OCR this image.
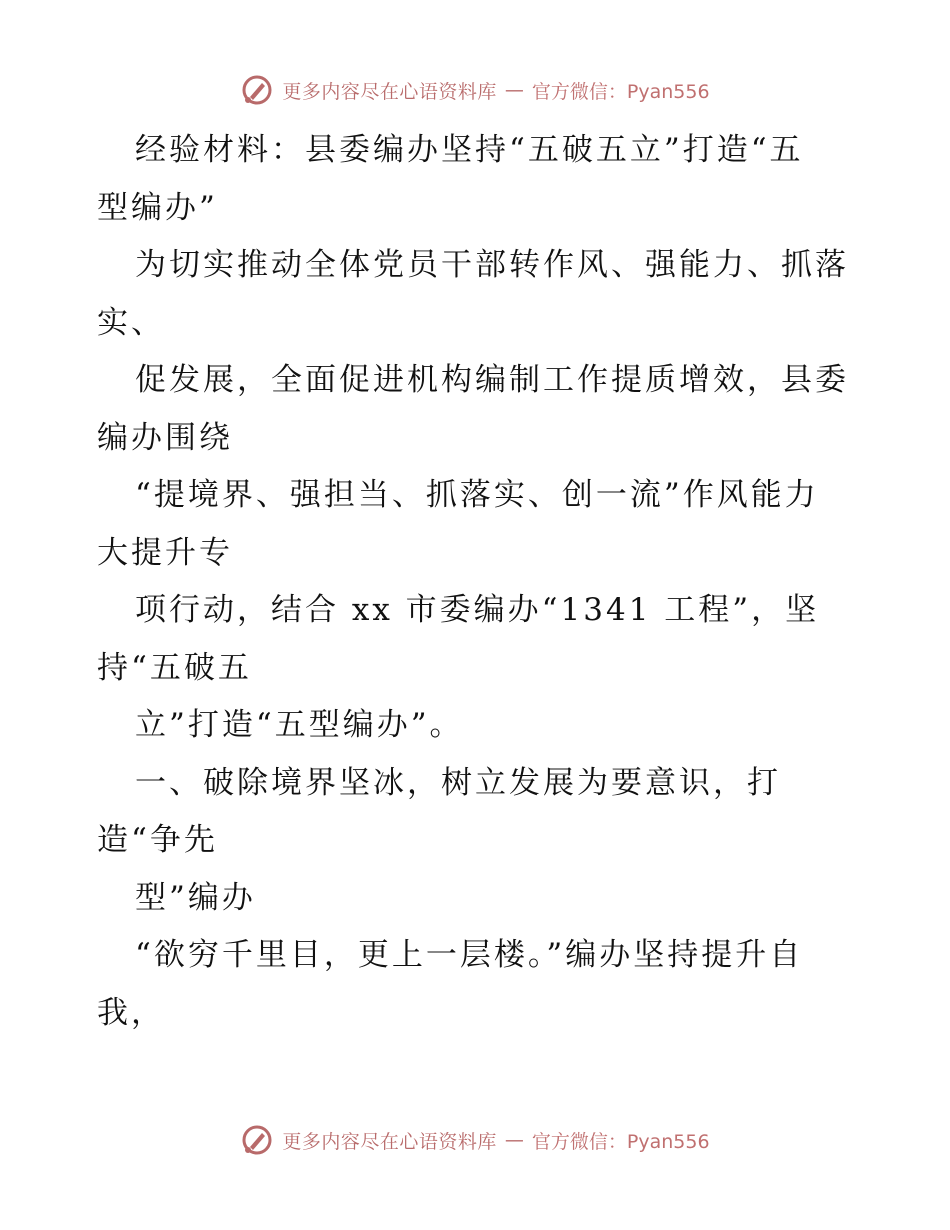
更多内容尽在心语资料库 — 官方微信：Pyan556

经验材料：县委编办坚持“五破五立”打造“五

型编办”

为切实推动全体党员干部转作风、强能力、抓落

实、

促发展，全面促进机构编制工作提质增效，县委

编办围绕

“提境界、强担当、抓落实、创一流”作风能力

大提升专

项行动，结合 xx 市委编办“1341 工程”，坚

持“五破五

立”打造“五型编办”。

一、破除境界坚冰，树立发展为要意识，打

造“争先

型”编办

“欲穷千里目，更上一层楼。”编办坚持提升自

我，

更多内容尽在心语资料库 — 官方微信：Pyan556
